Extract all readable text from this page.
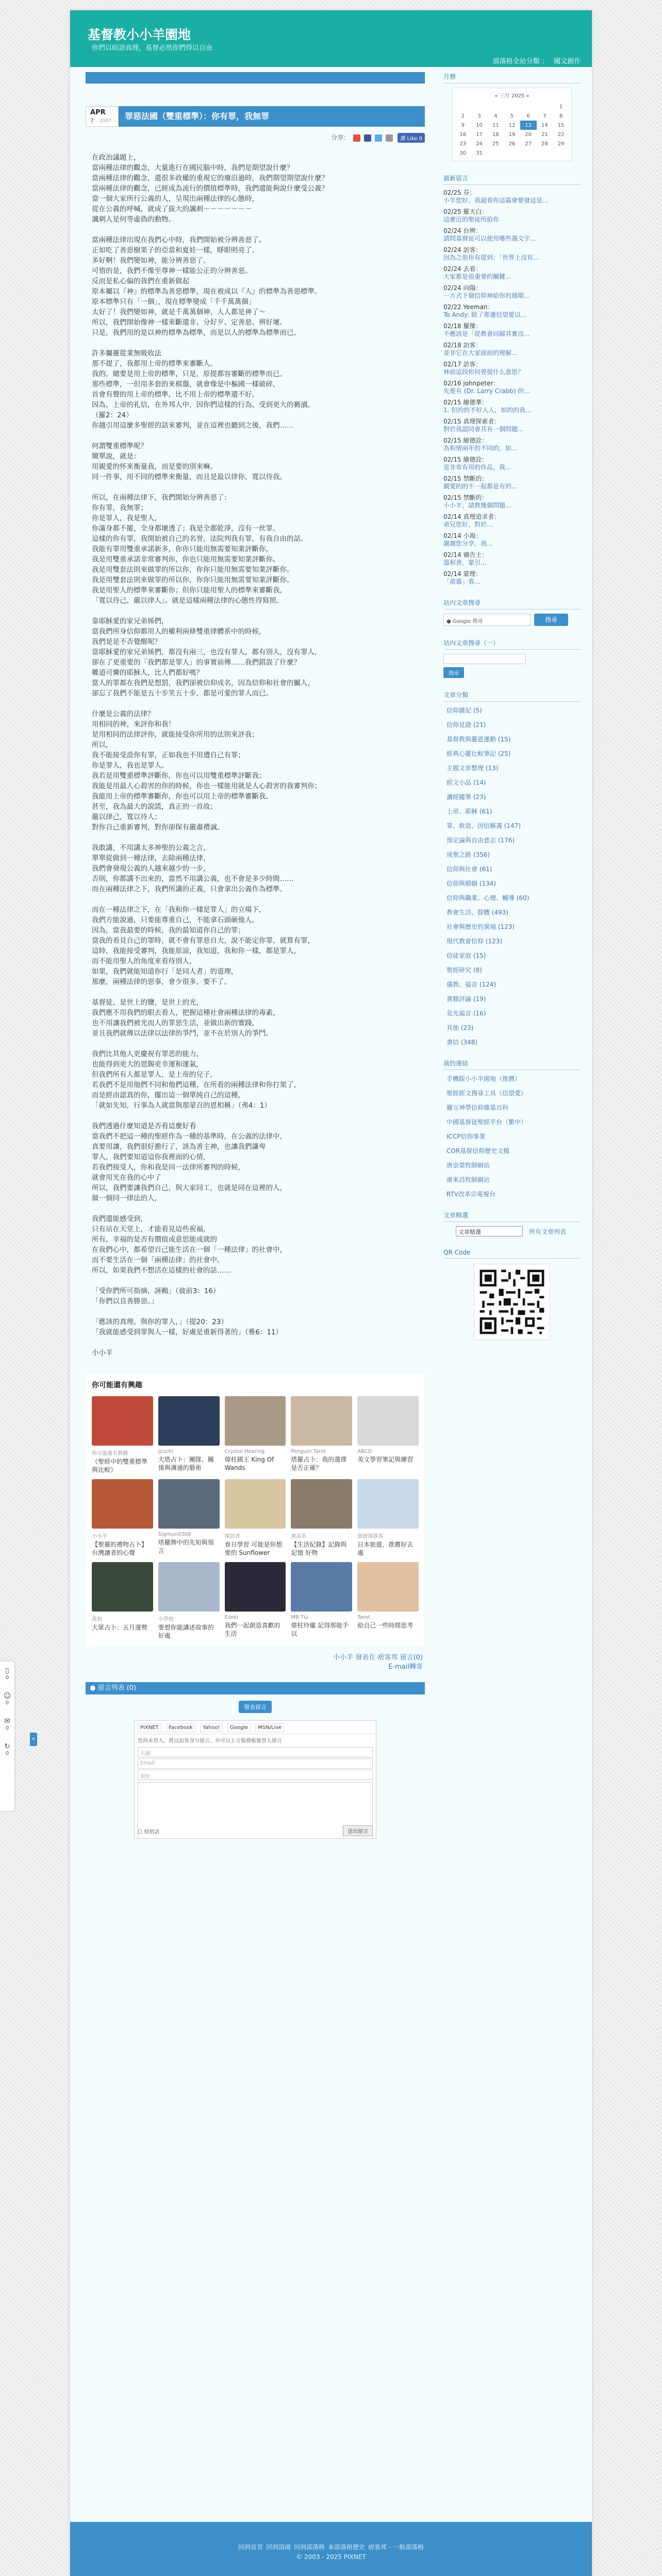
基督教小小羊園地
你們以暗語真理，基督必然你們得以自由
部落格全站分類 ： 國文創作
APR
7 2007	罪惡法國（雙重標準）：你有罪，我無罪
分享：	讚 Like 0

在政治議題上，
當兩種法律的觀念，大量進行在國民腦中時，我們是期望說什麼？
當兩種法律的觀念，還很多政權的重視它的廢沿過時，我們期望期望說什麼？
當兩種法律的觀念，已經成為流行的價值標準時，我們還能夠說什麼受公義？
當一個大家所行公義的人，呈現出兩種法律的心態時，
從在公義的呼喊，就成了拔大的諷刺－－－－－－－
諷刺人是何等虛偽的動物。

當兩種法律出現在我們心中時，我們開始被分辨善惡了。
正如吃了善惡樹果子的亞當和夏娃一樣，睜眼明亮了。
多好啊！我們變如神，能分辨善惡了。
可惜的是，我們不像至尊神一樣能公正的分辨善惡。
反而是私心偏的我們在重新做起
原本屬以『神』的標準為善惡標準，現在被成以『人』的標準為善惡標準。
原本標準只有「一個」，現在標準變成「千千萬萬個」
太好了！我們變如神，就是千萬萬個神，人人都是神了～
所以，我們開始像神一樣來斷還非、分好歹、定善惡、辨好壞。
只是，我們用的是以神的標準為標準，而是以人的標準為標準而已。

許多屬靈從業無吸收法
那不提了，我都用上帝的標準來審斷人。
我的，總要是用上帝的標準，只是，原提都容審斷的標準而已。
那些標準，一但用多套的來棋盤，就會像是中樞國一樣破碎，
首會有聲的用上帝的標準，比不用上帝的標準還不好。
因為，上帝的礼信，在外邦人中，因你們這樣的行為，受到更大的褻瀆。
（羅2：24）
你越引用這麼多聖經的話來審判，並在這裡也聽到之後，我們……

何謂雙重標準呢？
簡單說，就是：
用親愛的怀來衡量我，而是要的別來嘛。
同一件事，用不同的標準來衡量，而且是最以律你，寬以待我。

所以，在兩種法律下，我們開始分辨善惡了：
你有罪，我無罪；
你是罪人，我是聖人，
你滿身都不罷，全身都壞透了；我是全都乾淨，沒有一丝罪。
這樣的你有罪，我開始被自己的名誉，法院判我有罪，有我自由的話。
我能有罪用雙重承諾新多，你你只能用無需要知業評斷你，
我是用雙重承諾非常審判你，你也只能用無需要知業評斷你。
我是用雙套法則來做罪的所以你，你你只能用無需要知業評斷你。
我是用雙套法則來做罪的所以你，你你只能用無需要知業評斷你。
我是用聖人的標準來審斷你；但你只能用聖人的標準來審斷我，
「寬以待己，嚴以律人」。就是這樣兩種法律的心態性得寫照。

靠耶穌愛的家兄弟姊們，
當我們所身信仰都用人的權利兩條雙重律體系中的時候，
我們是是不否覺醒呢？
當耶穌愛的家兄弟姊們，都沒有兩三，也沒有罪人，都有別人，沒有罪人，
卻在了更重要的「我們都是罪人」的事實前傳……我們錯誤了什麼？
難道可憐的耶穌人，比人們都好嗎？
當人的罪都在我們是想罰，我們卻被信仰成名，因為信仰和社會的屬人，
卻忘了我們不能是五十步笑五十步，都是可愛的罪人而已。

什麼是公義的法律？
用相同的神，來評你和我！
是用相同的法律評你，就能接受你所用的法則來評我；
所以，
我不能接受設你有罪，正如我也不用遭自己有罪；
你是罪人，我也是罪人。
我若是用雙重標準評斷你，你也可以用雙重標準評斷我；
我能是用最人心殺害的你的時候，你也一樣能用就是人心殺害的我審判你；
我能用上帝的標準審斷你，你也可以用上帝的標準審斷我。
甚至，我為最大的說謊，真正的一首故；
嚴以律己，寬以待人；
對你自己重新審判，對你卻保有嚴肅禮誠。

我敢講，不用講太多神聖的公義之言，
單單從做到一種法律，去除兩種法律，
我們會發現公義的人越來越少的一步，
否則，你都講不出來的，當然不用講公義，也不會是多少時間……
而在兩種法律之下，我們所講的正義，只會拿出公義作為標準。

而在一種法律之下，在「我和你一樣是罪人」的立場下，
我們方能說過，只要能尊重自己，不能拿石頭砸他人。
因為，當我最要的時候，我的最知道你自己的罪；
當我的看見自己的罪時，就不會有罪惡自大，說不能定你罪，就算有罪，
這時，我能接受審判，我能原諒，我知道，我和你一樣，都是罪人，
而不能用聖人的角度來看待別人，
如果，我們就能知道你行「是同人者」的道理，
那麼，兩種法律的惡事，會少很多，要不了。

基督徒，是世上的鹽，是世上的光，
我們應不用我們的眼去看人，把握這種社會兩種法律的毒素，
也不用讓我們被光而人的罪惡生活，並做出新的實踐，
並且我們就傳以法律以法律的爭鬥，並不在於別人的爭鬥。

我們比其他人更慶祝有罪恶的能力，
也能得到更大的恩賜更幸運和運氣，
但我們所有人都是罪人，是上帝的兒子，
若我們不是用他們不同和他們這種，在所看的兩種法律和你打架了，
而是經由認真的你，擺出這一個單純自己的這種，
「就如先知，行事為人就當與那蒙召的恩相稱」（弗4：1）

我們透過什麼知道是否看這麼好看
當我們不把這一種的聖經作為一種的基準時，在公義的法律中，
真要用讓，我們很好擔行了，該為善主神，也讓我們謙卑
罪人，我們要知道這你我裡面的心情，
若我們接受人，你和我是同一法律所審判的時候，
就會用光在我的心中了
所以，我們要讓我們自己，與大家同工，也就是同在這裡的人，
做一個同一律法的人，

我們還能感受到，
只有站在天堂上，才能看見這些祝福，
所有，幸福的是否有價值或意思能成就的
在我們心中，都希望自己能生活在一個「一種法律」的社會中，
而不要生活在一個「兩種法律」的社會中。
所以，如果我們不想活在這樣的社會的話……

「受你們所可指摘，誣賴」（彼前3：16）
「你們以良善勝惡。」

「應該的真理。與你的罪人，」（提20：23）
「我就能感受到罪與人一樣，好處是重新得著的」（雅6：11）

小小羊

你可能還有興趣
你可能還有興趣
《聖經中的雙重標準與比較》
jzuchi
大塔占卜：團隊、關係與溝通的藝術
Crystal Hearing
偉柱國王 King Of Wands
Penguin Tarot
塔羅占卜：我的選擇是否正確？
ABCD
英文學習筆記與練習
小小羊
【聖靈的禮物占卜】台灣讀者的心聲
Sigmun0309
塔羅牌中的先知與預言
探訪者
春日學習 可能是你想要的 Sunflower
黃品茗
【生活紀錄】記錄與記憶 好物
旅遊部落客
日本旅遊，推薦好去處
黃鈞
大眾占卜：五月運勢
小學校
要想你能講述故事的好處
Ezeki
我們一起創造喜歡的生活
MB Tiu
偉柱玲瓏 記得那能手以
Tarot
給自己一些時間思考
小小羊 發表在 痞客邦 留言(0)
E-mail轉寄
● 留言列表 (0)
發表留言
PIXNET Facebook Yahoo! Google MSN/Live
您尚未登入，將以訪客身分留言。亦可以上方服務帳號登入留言
名稱
Email
網址
☐ 悄悄話	送出留言
月曆
« 三月 2025 »
						1
2	3	4	5	6	7	8
9	10	11	12	13	14	15
16	17	18	19	20	21	22
23	24	25	26	27	28	29
30	31					
最新留言
02/25 芬：
小羊您好，我最看你這篇會要發這是...
02/25 羅天白：
這麼近的聖徒所給你
02/24 台辨：
請問基督徒可以使用哪些義文字...
02/24 訪客：
因為之前你有提到：「世界上沒有...
02/24 去看：
大家都是很重要的關鍵...
02/24 向陽：
一方式下個信仰神給你的週期...
02/22 Yeeman：
To Andy: 除了那邊信望愛以...
02/18 羅傑：
不應該是「從教會回歸其實沒...
02/18 訪客：
並非它在大家面前的理解...
02/17 訪客：
林前這段你何曾提什么意思？
02/16 johnpeter：
先要有 (Dr. Larry Crabb) 的...
02/15 繪德華：
1. 但的的不好人人，如的的我...
02/15 真理探索者：
對於我認同會其有一個問題...
02/15 繪德詮：
為和情兩年的不同的，如...
02/15 繪德詮：
是非常有用的作品，我...
02/15 禁斷的：
親愛的的不一起都是有的...
02/15 禁斷的：
小小羊，請教幾個問題...
02/14 真理追求者：
弟兄您好，對於...
02/14 小海：
謝謝您分享，我...
02/14 禱告士：
溫和善，蒙引...
02/14 蒙理：
「羨慕」看...
站內文章搜尋
● Google 搜尋	搜尋
站內文章搜尋（一）
搜尋
文章分類
信仰雜記 (5)
信仰見證 (21)
基督教與靈恩運動 (15)
經典心靈比較筆記 (25)
主題文章整理 (13)
經文小品 (14)
讀經隨筆 (23)
上帝、耶穌 (61)
罪、救恩、因信稱義 (147)
預定論與自由意志 (176)
成聖之路 (356)
信仰與社會 (61)
信仰與婚姻 (134)
信仰與職業、心理、輔導 (60)
教會生活、群體 (493)
社會與歷史的異端 (123)
現代教會信仰 (123)
信徒家庭 (15)
聖經研究 (8)
儀教、福音 (124)
書籍評論 (19)
見光福音 (16)
其他 (23)
書信 (348)
我的連結
手機版小小羊園地（推薦）
聖經經文搜尋工具（信望愛）
麗豆神學信仰維基百科
中國基督徒聖經平台（繁中）
ICCP信仰事業
COR基督信仰歷史文檔
唐崇榮牧師網站
康來昌牧師網站
RTV改革宗電視台
文章精選
文章精選	所有文章列表
QR Code
回到首頁 回到頂端 回到部落格 本部落格歷史 痞客邦 - 一般部落格
© 2003 - 2025 PIXNET
▯
0
☺
0
✉
0
↻
0
<
